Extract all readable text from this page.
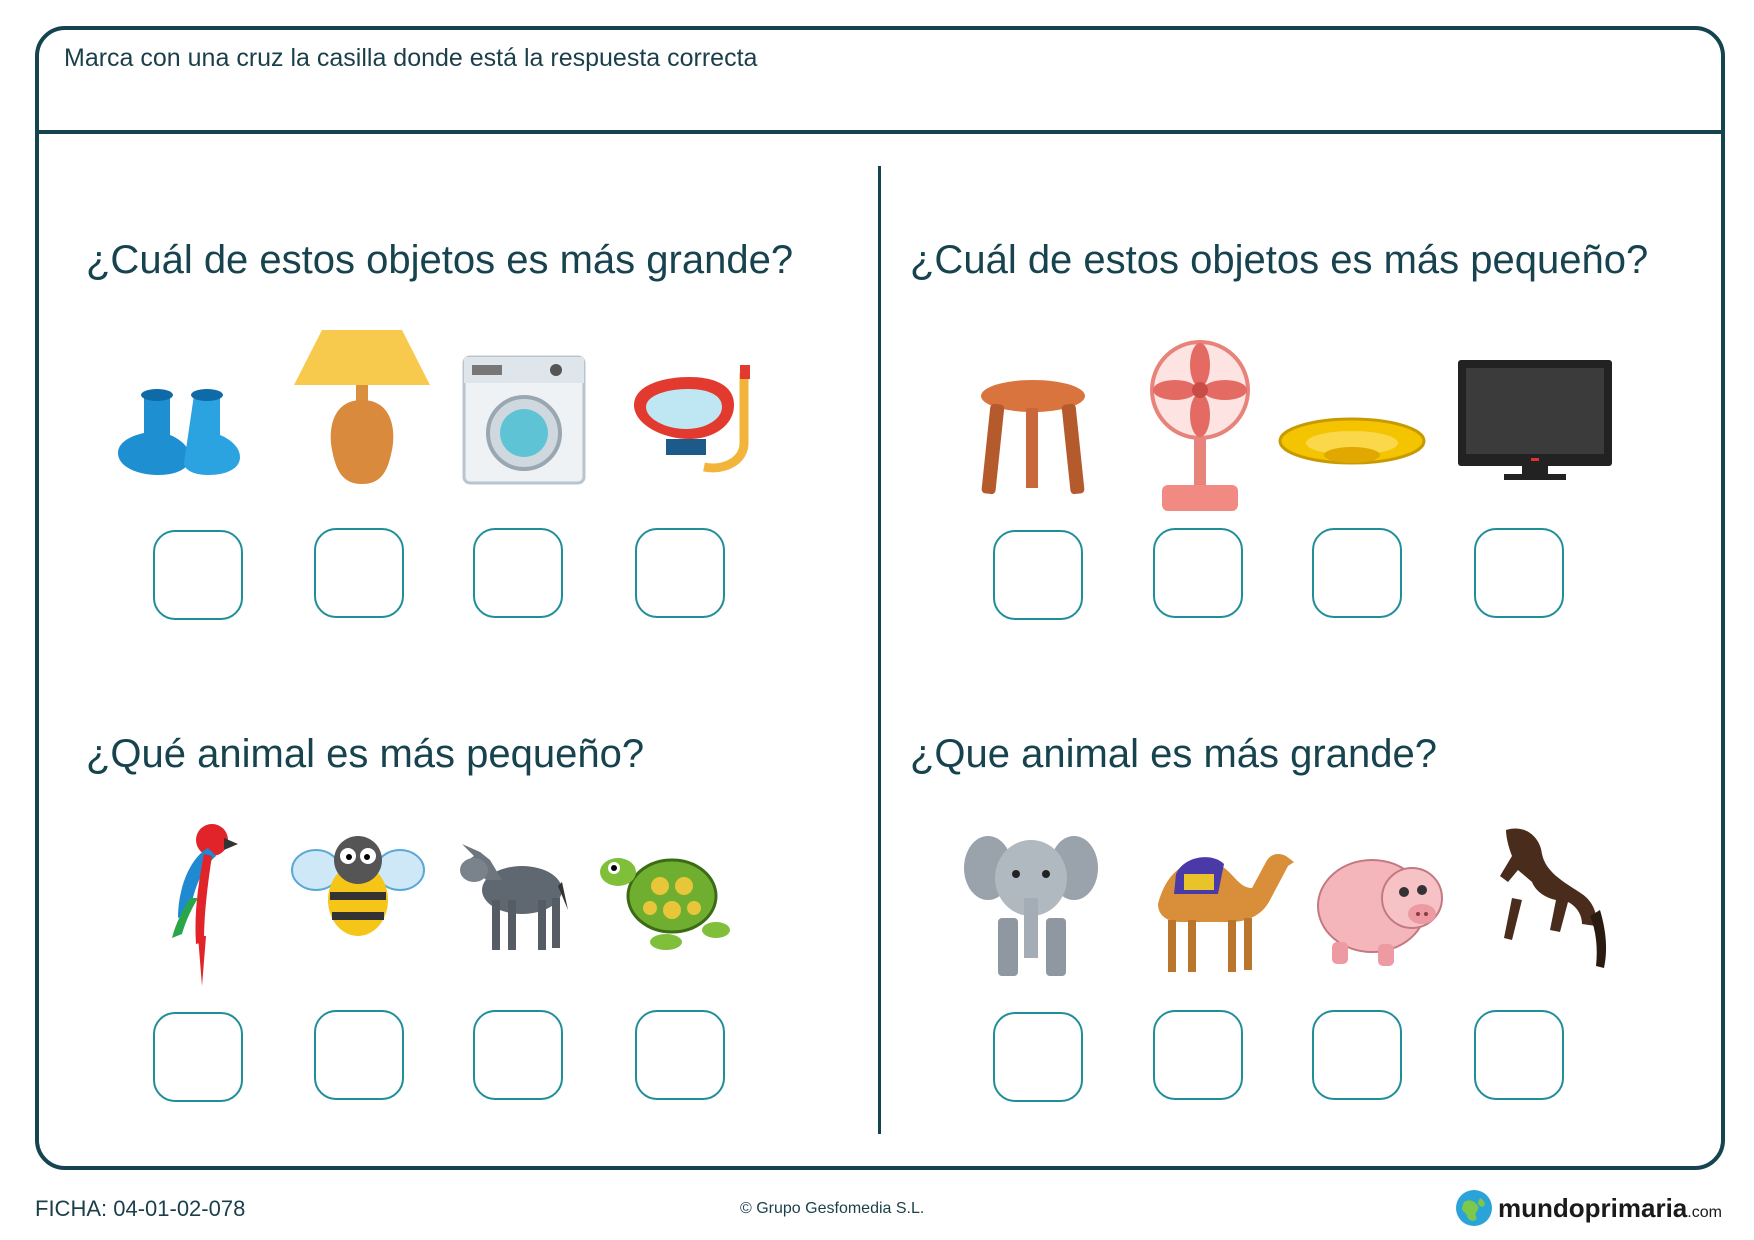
Marca con una cruz la casilla donde está la respuesta correcta
¿Cuál de estos objetos es más grande?	¿Cuál de estos objetos es más pequeño?
¿Qué animal es más pequeño?	¿Que animal es más grande?
FICHA: 04-01-02-078	© Grupo Gesfomedia S.L.	mundoprimaria.com
